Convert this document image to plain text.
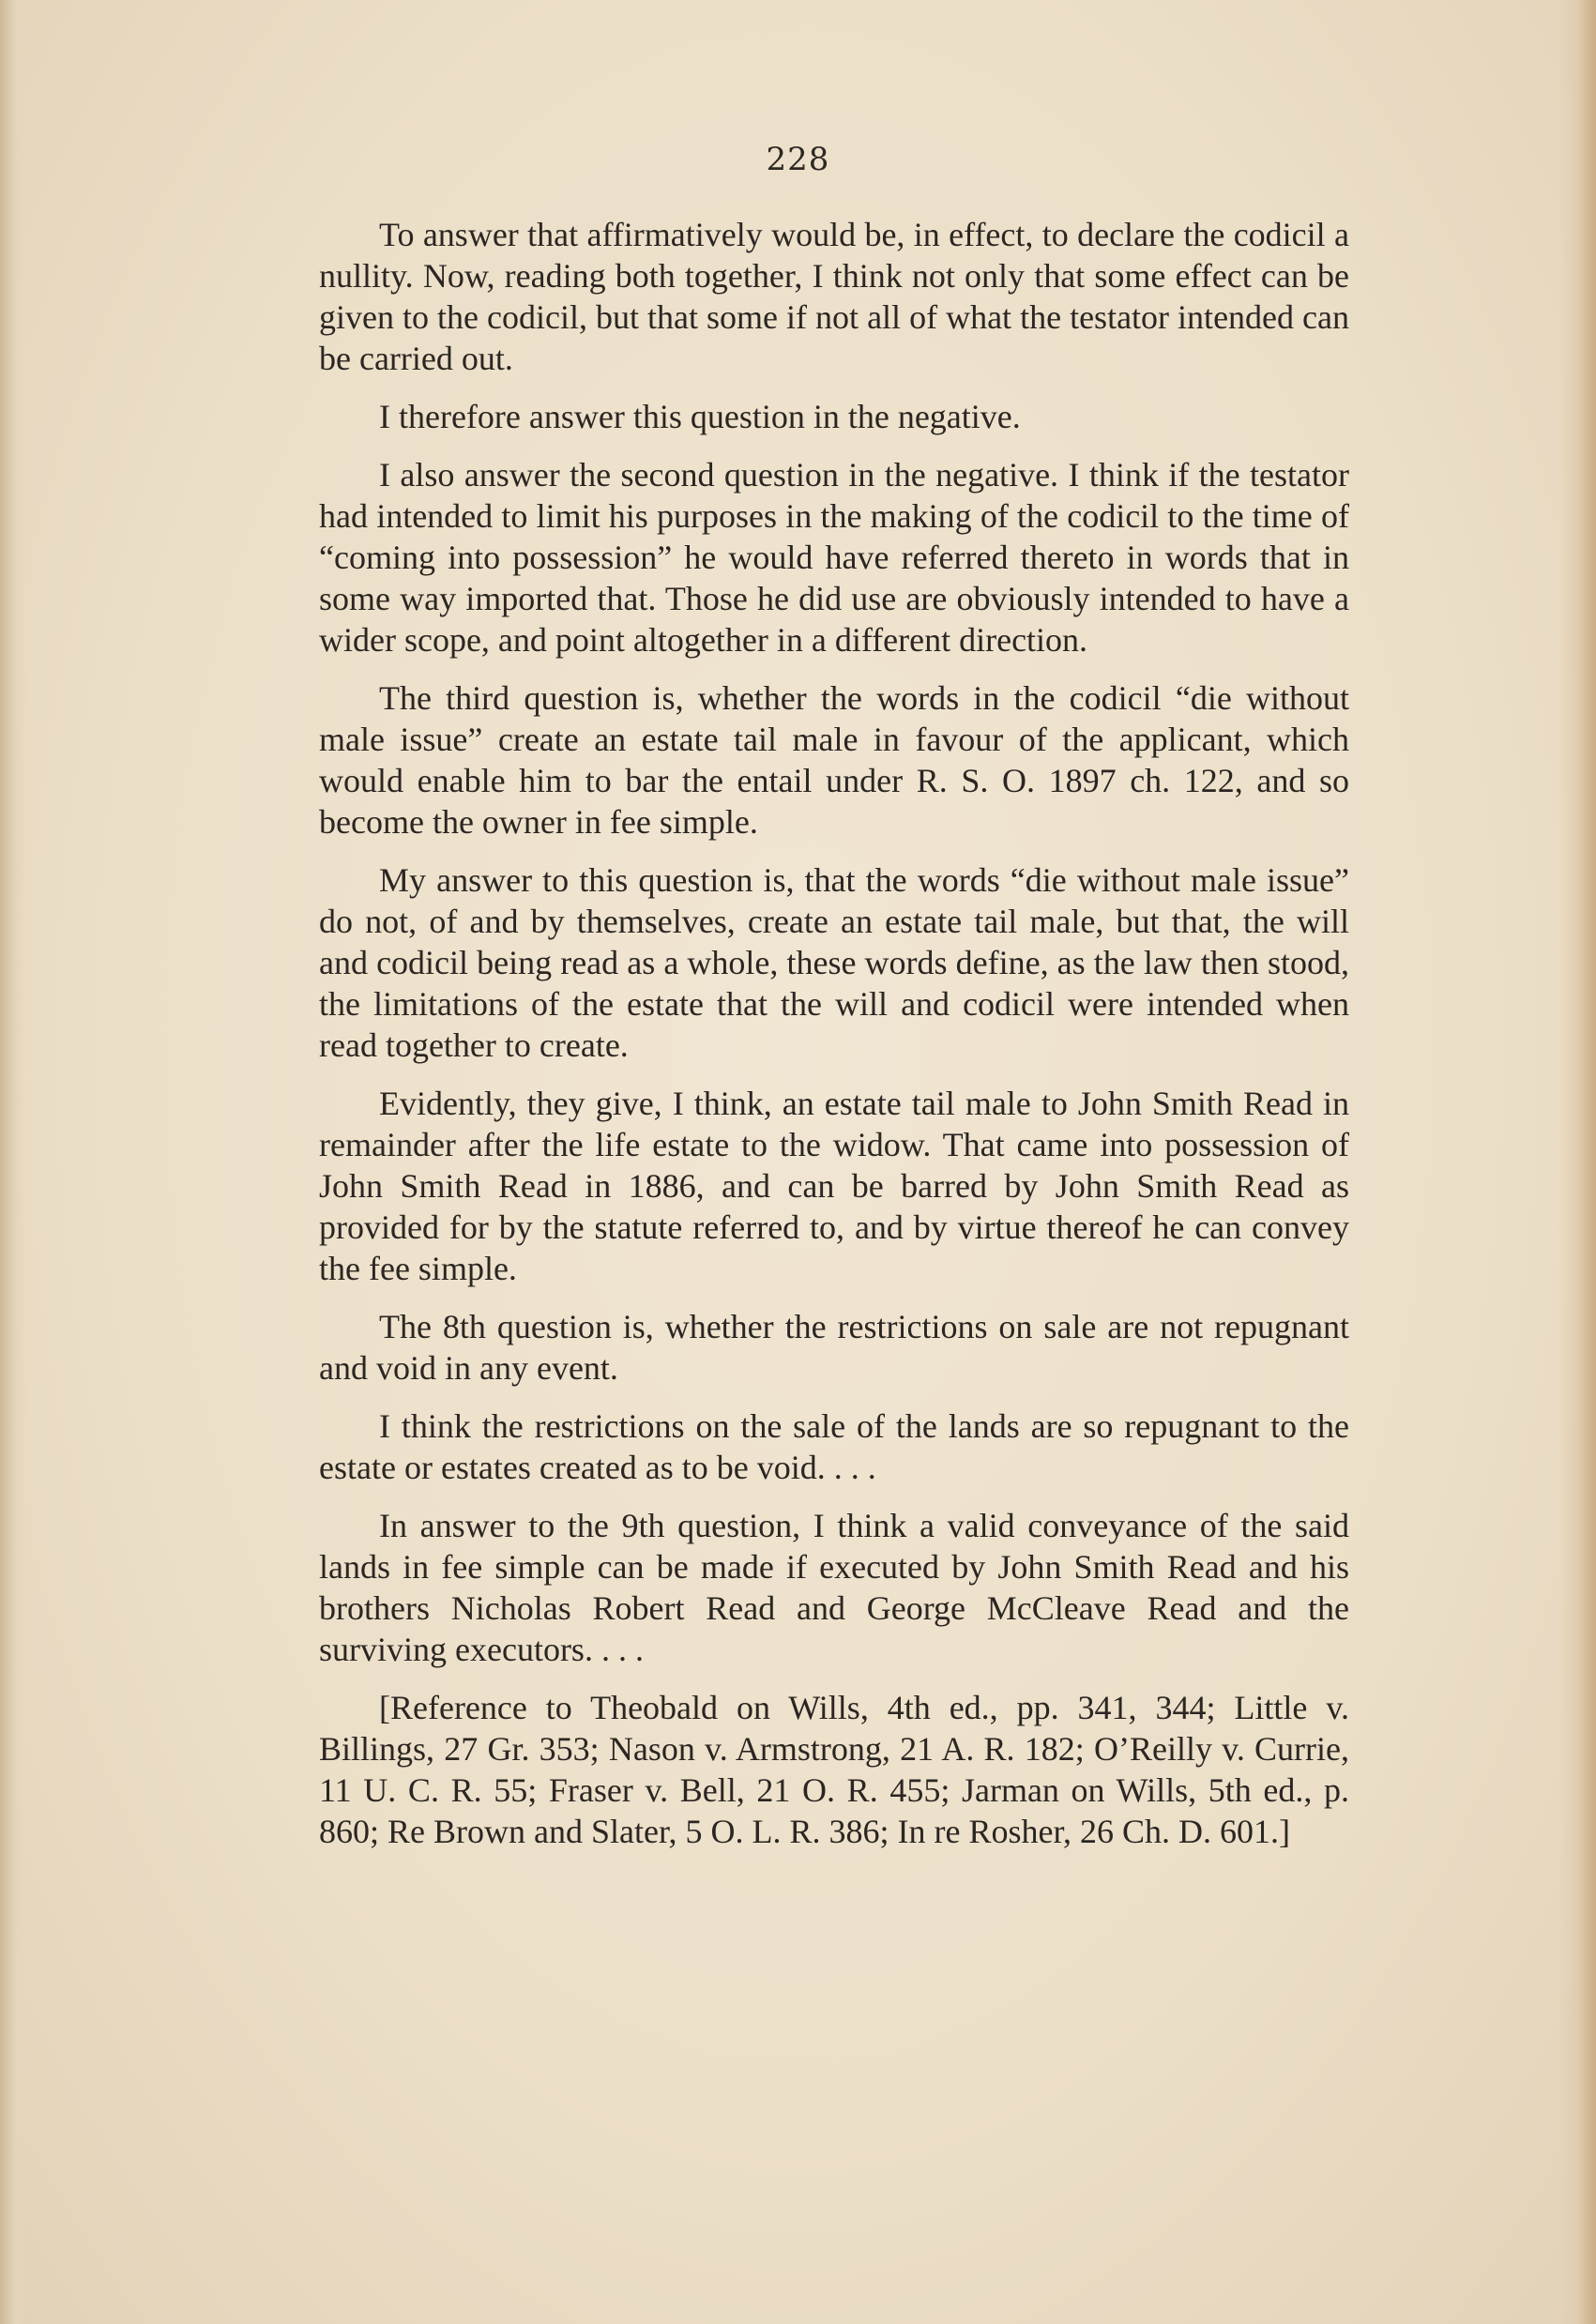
228

To answer that affirmatively would be, in effect, to declare the codicil a nullity. Now, reading both together, I think not only that some effect can be given to the codicil, but that some if not all of what the testator intended can be carried out.

I therefore answer this question in the negative.

I also answer the second question in the negative. I think if the testator had intended to limit his purposes in the making of the codicil to the time of “coming into possession” he would have referred thereto in words that in some way imported that. Those he did use are obviously intended to have a wider scope, and point altogether in a different direction.

The third question is, whether the words in the codicil “die without male issue” create an estate tail male in favour of the applicant, which would enable him to bar the entail under R. S. O. 1897 ch. 122, and so become the owner in fee simple.

My answer to this question is, that the words “die without male issue” do not, of and by themselves, create an estate tail male, but that, the will and codicil being read as a whole, these words define, as the law then stood, the limitations of the estate that the will and codicil were intended when read together to create.

Evidently, they give, I think, an estate tail male to John Smith Read in remainder after the life estate to the widow. That came into possession of John Smith Read in 1886, and can be barred by John Smith Read as provided for by the statute referred to, and by virtue thereof he can convey the fee simple.

The 8th question is, whether the restrictions on sale are not repugnant and void in any event.

I think the restrictions on the sale of the lands are so repugnant to the estate or estates created as to be void. . . .

In answer to the 9th question, I think a valid conveyance of the said lands in fee simple can be made if executed by John Smith Read and his brothers Nicholas Robert Read and George McCleave Read and the surviving executors. . . .

[Reference to Theobald on Wills, 4th ed., pp. 341, 344; Little v. Billings, 27 Gr. 353; Nason v. Armstrong, 21 A. R. 182; O’Reilly v. Currie, 11 U. C. R. 55; Fraser v. Bell, 21 O. R. 455; Jarman on Wills, 5th ed., p. 860; Re Brown and Slater, 5 O. L. R. 386; In re Rosher, 26 Ch. D. 601.]
